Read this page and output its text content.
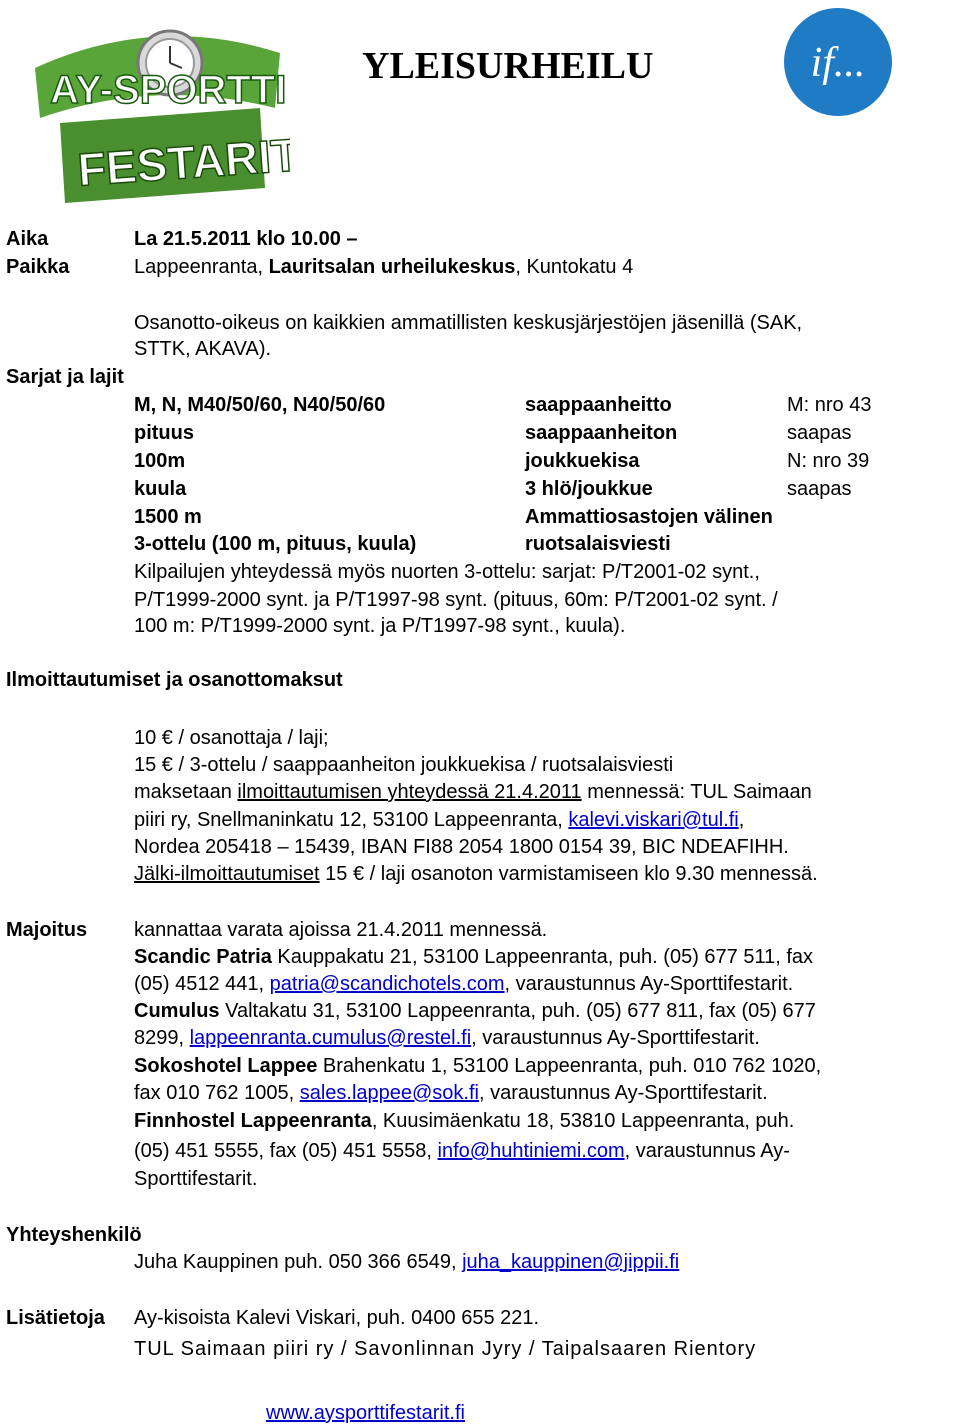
AY-SPORTTI
FESTARIT
YLEISURHEILU	if...
Aika	La 21.5.2011 klo 10.00 –
Paikka	Lappeenranta, Lauritsalan urheilukeskus, Kuntokatu 4
Osanotto-oikeus on kaikkien ammatillisten keskusjärjestöjen jäsenillä (SAK,
STTK, AKAVA).
Sarjat ja lajit
M, N, M40/50/60, N40/50/60	saappaanheitto	M: nro 43
pituus	saappaanheiton	saapas
100m	joukkuekisa	N: nro 39
kuula	3 hlö/joukkue	saapas
1500 m	Ammattiosastojen välinen
3-ottelu (100 m, pituus, kuula)	ruotsalaisviesti
Kilpailujen yhteydessä myös nuorten 3-ottelu: sarjat: P/T2001-02 synt.,
P/T1999-2000 synt. ja P/T1997-98 synt. (pituus, 60m: P/T2001-02 synt. /
100 m: P/T1999-2000 synt. ja P/T1997-98 synt., kuula).
Ilmoittautumiset ja osanottomaksut
10 € / osanottaja / laji;
15 € / 3-ottelu / saappaanheiton joukkuekisa / ruotsalaisviesti
maksetaan ilmoittautumisen yhteydessä 21.4.2011 mennessä: TUL Saimaan
piiri ry, Snellmaninkatu 12, 53100 Lappeenranta, kalevi.viskari@tul.fi,
Nordea 205418 – 15439, IBAN FI88 2054 1800 0154 39, BIC NDEAFIHH.
Jälki-ilmoittautumiset 15 € / laji osanoton varmistamiseen klo 9.30 mennessä.
Majoitus kannattaa varata ajoissa 21.4.2011 mennessä.
Scandic Patria Kauppakatu 21, 53100 Lappeenranta, puh. (05) 677 511, fax
(05) 4512 441, patria@scandichotels.com, varaustunnus Ay-Sporttifestarit.
Cumulus Valtakatu 31, 53100 Lappeenranta, puh. (05) 677 811, fax (05) 677
8299, lappeenranta.cumulus@restel.fi, varaustunnus Ay-Sporttifestarit.
Sokoshotel Lappee Brahenkatu 1, 53100 Lappeenranta, puh. 010 762 1020,
fax 010 762 1005, sales.lappee@sok.fi, varaustunnus Ay-Sporttifestarit.
Finnhostel Lappeenranta, Kuusimäenkatu 18, 53810 Lappeenranta, puh.
(05) 451 5555, fax (05) 451 5558, info@huhtiniemi.com, varaustunnus Ay-
Sporttifestarit.
Yhteyshenkilö
Juha Kauppinen puh. 050 366 6549, juha_kauppinen@jippii.fi
Lisätietoja Ay-kisoista Kalevi Viskari, puh. 0400 655 221.
TUL Saimaan piiri ry / Savonlinnan Jyry / Taipalsaaren Rientory
www.aysporttifestarit.fi
